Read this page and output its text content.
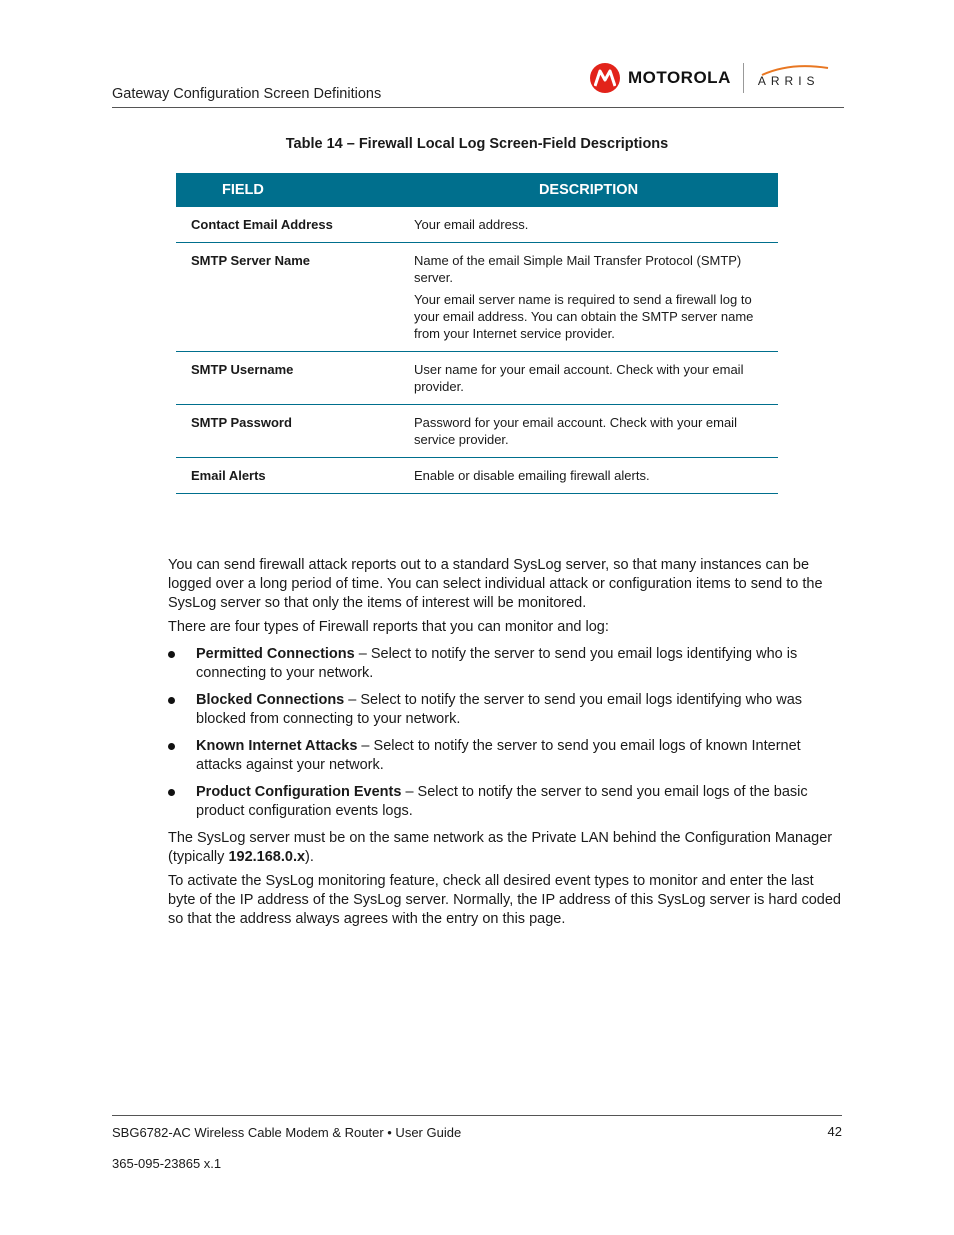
Gateway Configuration Screen Definitions
MOTOROLA ARRIS
Table 14 – Firewall Local Log Screen-Field Descriptions
FIELD	DESCRIPTION
Contact Email Address	Your email address.

SMTP Server Name	Name of the email Simple Mail Transfer Protocol (SMTP) server.

Your email server name is required to send a firewall log to your email address. You can obtain the SMTP server name from your Internet service provider.

SMTP Username	User name for your email account. Check with your email provider.

SMTP Password	Password for your email account. Check with your email service provider.

Email Alerts	Enable or disable emailing firewall alerts.

You can send firewall attack reports out to a standard SysLog server, so that many instances can be logged over a long period of time. You can select individual attack or configuration items to send to the SysLog server so that only the items of interest will be monitored.

There are four types of Firewall reports that you can monitor and log:

Permitted Connections – Select to notify the server to send you email logs identifying who is connecting to your network.
Blocked Connections – Select to notify the server to send you email logs identifying who was blocked from connecting to your network.
Known Internet Attacks – Select to notify the server to send you email logs of known Internet attacks against your network.
Product Configuration Events – Select to notify the server to send you email logs of the basic product configuration events logs.

The SysLog server must be on the same network as the Private LAN behind the Configuration Manager (typically 192.168.0.x).

To activate the SysLog monitoring feature, check all desired event types to monitor and enter the last byte of the IP address of the SysLog server. Normally, the IP address of this SysLog server is hard coded so that the address always agrees with the entry on this page.

SBG6782-AC Wireless Cable Modem & Router • User Guide	42
365-095-23865 x.1
